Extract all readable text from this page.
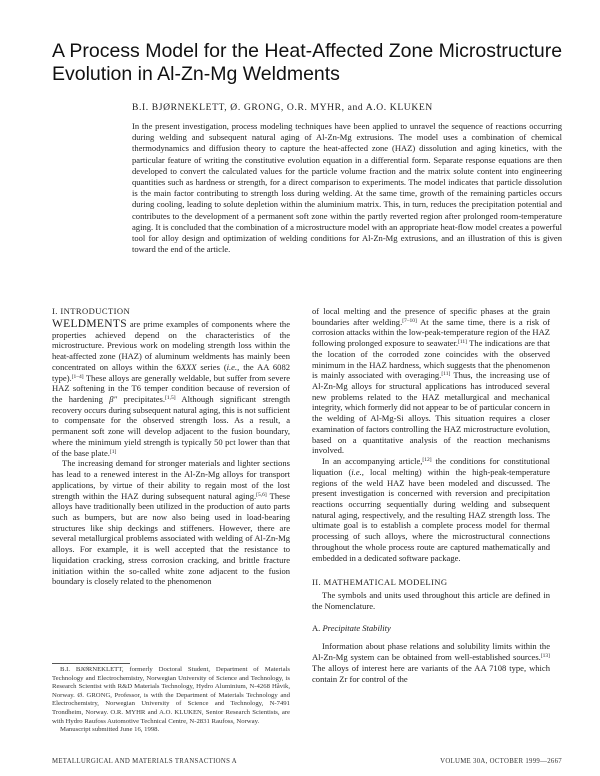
A Process Model for the Heat-Affected Zone Microstructure Evolution in Al-Zn-Mg Weldments
B.I. BJØRNEKLETT, Ø. GRONG, O.R. MYHR, and A.O. KLUKEN

In the present investigation, process modeling techniques have been applied to unravel the sequence of reactions occurring during welding and subsequent natural aging of Al-Zn-Mg extrusions. The model uses a combination of chemical thermodynamics and diffusion theory to capture the heat-affected zone (HAZ) dissolution and aging kinetics, with the particular feature of writing the constitutive evolution equation in a differential form. Separate response equations are then developed to convert the calculated values for the particle volume fraction and the matrix solute content into engineering quantities such as hardness or strength, for a direct comparison to experiments. The model indicates that particle dissolution is the main factor contributing to strength loss during welding. At the same time, growth of the remaining particles occurs during cooling, leading to solute depletion within the aluminium matrix. This, in turn, reduces the precipitation potential and contributes to the development of a permanent soft zone within the partly reverted region after prolonged room-temperature aging. It is concluded that the combination of a microstructure model with an appropriate heat-flow model creates a powerful tool for alloy design and optimization of welding conditions for Al-Zn-Mg extrusions, and an illustration of this is given toward the end of the article.

I. INTRODUCTION

WELDMENTS are prime examples of components where the properties achieved depend on the characteristics of the microstructure. Previous work on modeling strength loss within the heat-affected zone (HAZ) of aluminum weldments has mainly been concentrated on alloys within the 6XXX series (i.e., the AA 6082 type).[1–4] These alloys are generally weldable, but suffer from severe HAZ softening in the T6 temper condition because of reversion of the hardening β″ precipitates.[1,5] Although significant strength recovery occurs during subsequent natural aging, this is not sufficient to compensate for the observed strength loss. As a result, a permanent soft zone will develop adjacent to the fusion boundary, where the minimum yield strength is typically 50 pct lower than that of the base plate.[1]

The increasing demand for stronger materials and lighter sections has lead to a renewed interest in the Al-Zn-Mg alloys for transport applications, by virtue of their ability to regain most of the lost strength within the HAZ during subsequent natural aging.[5,6] These alloys have traditionally been utilized in the production of auto parts such as bumpers, but are now also being used in load-bearing structures like ship deckings and stiffeners. However, there are several metallurgical problems associated with welding of Al-Zn-Mg alloys. For example, it is well accepted that the resistance to liquidation cracking, stress corrosion cracking, and brittle fracture initiation within the so-called white zone adjacent to the fusion boundary is closely related to the phenomenon

of local melting and the presence of specific phases at the grain boundaries after welding.[7–10] At the same time, there is a risk of corrosion attacks within the low-peak-temperature region of the HAZ following prolonged exposure to seawater.[11] The indications are that the location of the corroded zone coincides with the observed minimum in the HAZ hardness, which suggests that the phenomenon is mainly associated with overaging.[11] Thus, the increasing use of Al-Zn-Mg alloys for structural applications has introduced several new problems related to the HAZ metallurgical and mechanical integrity, which formerly did not appear to be of particular concern in the welding of Al-Mg-Si alloys. This situation requires a closer examination of factors controlling the HAZ microstructure evolution, based on a quantitative analysis of the reaction mechanisms involved.

In an accompanying article,[12] the conditions for constitutional liquation (i.e., local melting) within the high-peak-temperature regions of the weld HAZ have been modeled and discussed. The present investigation is concerned with reversion and precipitation reactions occurring sequentially during welding and subsequent natural aging, respectively, and the resulting HAZ strength loss. The ultimate goal is to establish a complete process model for thermal processing of such alloys, where the microstructural connections throughout the whole process route are captured mathematically and embedded in a dedicated software package.

II. MATHEMATICAL MODELING

The symbols and units used throughout this article are defined in the Nomenclature.

A. Precipitate Stability

Information about phase relations and solubility limits within the Al-Zn-Mg system can be obtained from well-established sources.[13] The alloys of interest here are variants of the AA 7108 type, which contain Zr for control of the

B.I. BJØRNEKLETT, formerly Doctoral Student, Department of Materials Technology and Electrochemistry, Norwegian University of Science and Technology, is Research Scientist with R&D Materials Technology, Hydro Aluminium, N-4268 Håvik, Norway. Ø. GRONG, Professor, is with the Department of Materials Technology and Electrochemistry, Norwegian University of Science and Technology, N-7491 Trondheim, Norway. O.R. MYHR and A.O. KLUKEN, Senior Research Scientists, are with Hydro Raufoss Automotive Technical Centre, N-2831 Raufoss, Norway.

Manuscript submitted June 16, 1998.

METALLURGICAL AND MATERIALS TRANSACTIONS A	VOLUME 30A, OCTOBER 1999—2667
